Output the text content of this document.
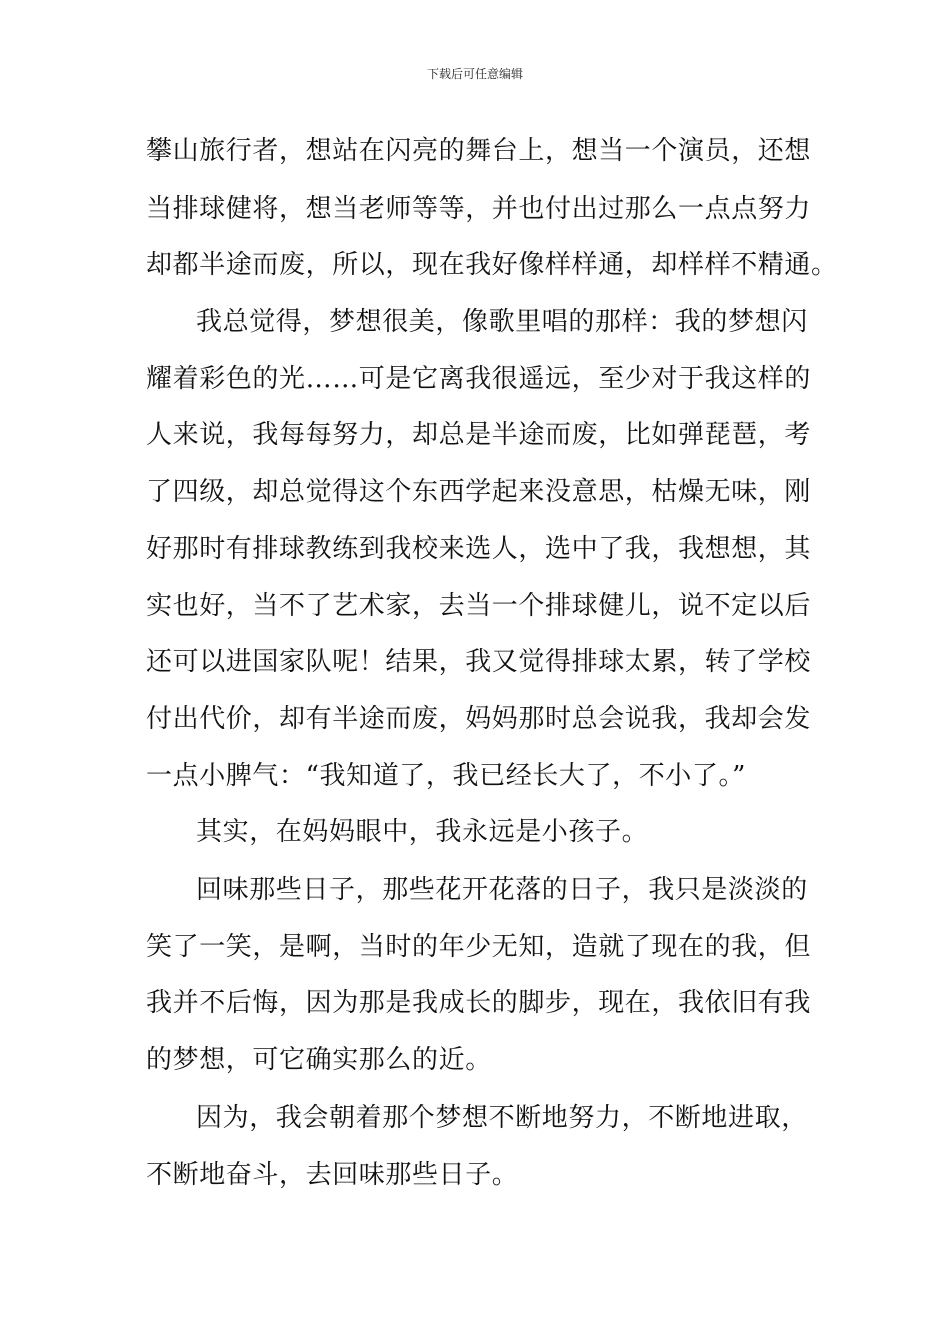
下载后可任意编辑
攀山旅行者，想站在闪亮的舞台上，想当一个演员，还想
当排球健将，想当老师等等，并也付出过那么一点点努力
却都半途而废，所以，现在我好像样样通，却样样不精通。
我总觉得，梦想很美，像歌里唱的那样：我的梦想闪
耀着彩色的光……可是它离我很遥远，至少对于我这样的
人来说，我每每努力，却总是半途而废，比如弹琵琶，考
了四级，却总觉得这个东西学起来没意思，枯燥无味，刚
好那时有排球教练到我校来选人，选中了我，我想想，其
实也好，当不了艺术家，去当一个排球健儿，说不定以后
还可以进国家队呢！结果，我又觉得排球太累，转了学校
付出代价，却有半途而废，妈妈那时总会说我，我却会发
一点小脾气：“我知道了，我已经长大了，不小了。”
其实，在妈妈眼中，我永远是小孩子。
回味那些日子，那些花开花落的日子，我只是淡淡的
笑了一笑，是啊，当时的年少无知，造就了现在的我，但
我并不后悔，因为那是我成长的脚步，现在，我依旧有我
的梦想，可它确实那么的近。
因为，我会朝着那个梦想不断地努力，不断地进取，
不断地奋斗，去回味那些日子。
